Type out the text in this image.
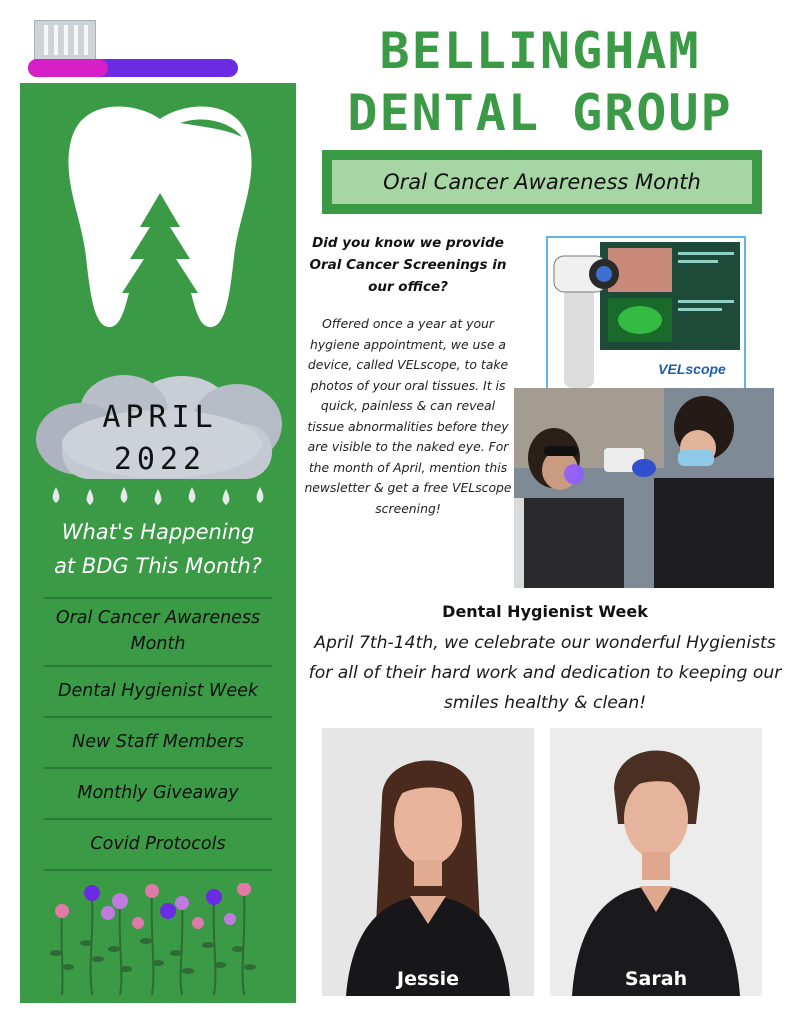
APRIL
2022
What's Happening
at BDG This Month?
Oral Cancer Awareness Month
Dental Hygienist Week
New Staff Members
Monthly Giveaway
Covid Protocols
BELLINGHAM
DENTAL GROUP
Oral Cancer Awareness Month
Did you know we provide Oral Cancer Screenings in our office?
Offered once a year at your hygiene appointment, we use a device, called VELscope, to take photos of your oral tissues. It is quick, painless & can reveal tissue abnormalities before they are visible to the naked eye. For the month of April, mention this newsletter & get a free VELscope screening!
VELscope
Dental Hygienist Week
April 7th-14th, we celebrate our wonderful Hygienists for all of their hard work and dedication to keeping our smiles healthy & clean!
Jessie	Sarah
